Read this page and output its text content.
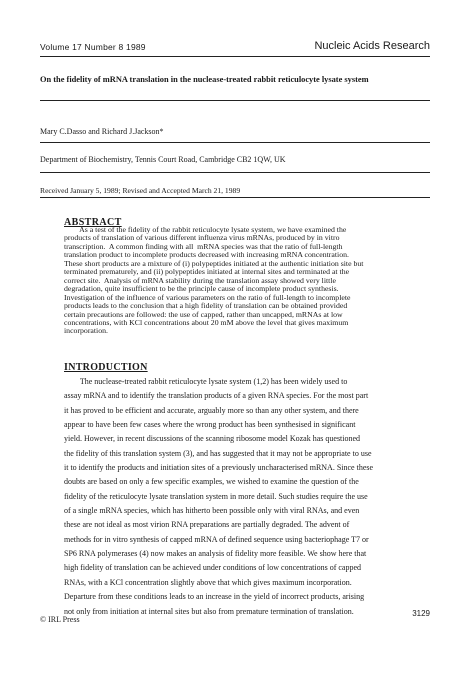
Volume 17 Number 8 1989	Nucleic Acids Research
On the fidelity of mRNA translation in the nuclease-treated rabbit reticulocyte lysate system
Mary C.Dasso and Richard J.Jackson*
Department of Biochemistry, Tennis Court Road, Cambridge CB2 1QW, UK
Received January 5, 1989; Revised and Accepted March 21, 1989
ABSTRACT
As a test of the fidelity of the rabbit reticulocyte lysate system, we have examined the
products of translation of various different influenza virus mRNAs, produced by in vitro
transcription.  A common finding with all  mRNA species was that the ratio of full-length
translation product to incomplete products decreased with increasing mRNA concentration.
These short products are a mixture of (i) polypeptides initiated at the authentic initiation site but
terminated prematurely, and (ii) polypeptides initiated at internal sites and terminated at the
correct site.  Analysis of mRNA stability during the translation assay showed very little
degradation, quite insufficient to be the principle cause of incomplete product synthesis.
Investigation of the influence of various parameters on the ratio of full-length to incomplete
products leads to the conclusion that a high fidelity of translation can be obtained provided
certain precautions are followed: the use of capped, rather than uncapped, mRNAs at low
concentrations, with KCl concentrations about 20 mM above the level that gives maximum
incorporation.
INTRODUCTION
The nuclease-treated rabbit reticulocyte lysate system (1,2) has been widely used to
assay mRNA and to identify the translation products of a given RNA species. For the most part
it has proved to be efficient and accurate, arguably more so than any other system, and there
appear to have been few cases where the wrong product has been synthesised in significant
yield. However, in recent discussions of the scanning ribosome model Kozak has questioned
the fidelity of this translation system (3), and has suggested that it may not be appropriate to use
it to identify the products and initiation sites of a previously uncharacterised mRNA. Since these
doubts are based on only a few specific examples, we wished to examine the question of the
fidelity of the reticulocyte lysate translation system in more detail. Such studies require the use
of a single mRNA species, which has hitherto been possible only with viral RNAs, and even
these are not ideal as most virion RNA preparations are partially degraded. The advent of
methods for in vitro synthesis of capped mRNA of defined sequence using bacteriophage T7 or
SP6 RNA polymerases (4) now makes an analysis of fidelity more feasible. We show here that
high fidelity of translation can be achieved under conditions of low concentrations of capped
RNAs, with a KCl concentration slightly above that which gives maximum incorporation.
Departure from these conditions leads to an increase in the yield of incorrect products, arising
not only from initiation at internal sites but also from premature termination of translation.
© IRL Press
3129
